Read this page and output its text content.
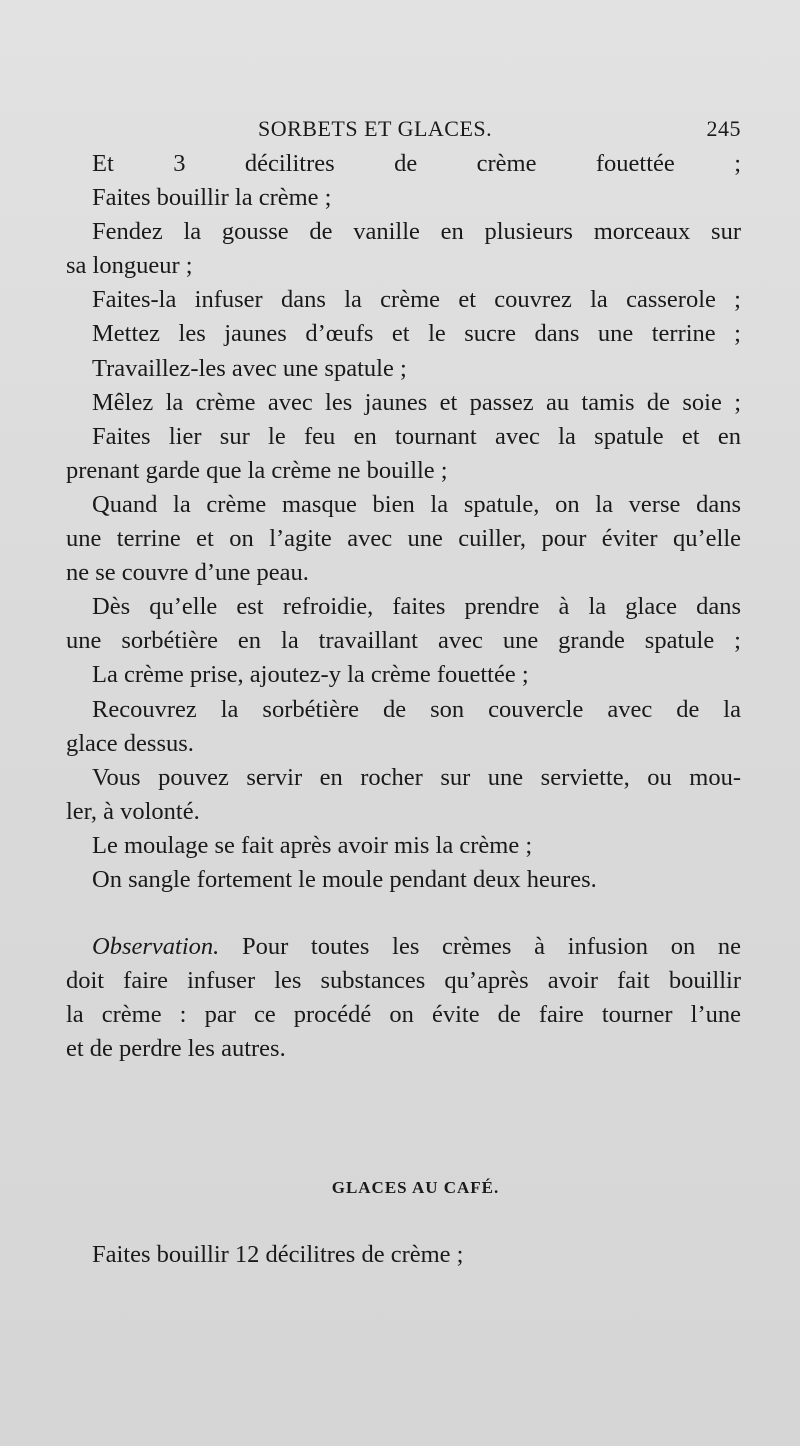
SORBETS ET GLACES.	245
Et 3 décilitres de crème fouettée ;
Faites bouillir la crème ;
Fendez la gousse de vanille en plusieurs morceaux sur
sa longueur ;
Faites-la infuser dans la crème et couvrez la casserole ;
Mettez les jaunes d’œufs et le sucre dans une terrine ;
Travaillez-les avec une spatule ;
Mêlez la crème avec les jaunes et passez au tamis de soie ;
Faites lier sur le feu en tournant avec la spatule et en
prenant garde que la crème ne bouille ;
Quand la crème masque bien la spatule, on la verse dans
une terrine et on l’agite avec une cuiller, pour éviter qu’elle
ne se couvre d’une peau.
Dès qu’elle est refroidie, faites prendre à la glace dans
une sorbétière en la travaillant avec une grande spatule ;
La crème prise, ajoutez-y la crème fouettée ;
Recouvrez la sorbétière de son couvercle avec de la
glace dessus.
Vous pouvez servir en rocher sur une serviette, ou mou-
ler, à volonté.
Le moulage se fait après avoir mis la crème ;
On sangle fortement le moule pendant deux heures.
Observation. Pour toutes les crèmes à infusion on ne
doit faire infuser les substances qu’après avoir fait bouillir
la crème : par ce procédé on évite de faire tourner l’une
et de perdre les autres.
GLACES AU CAFÉ.
Faites bouillir 12 décilitres de crème ;
